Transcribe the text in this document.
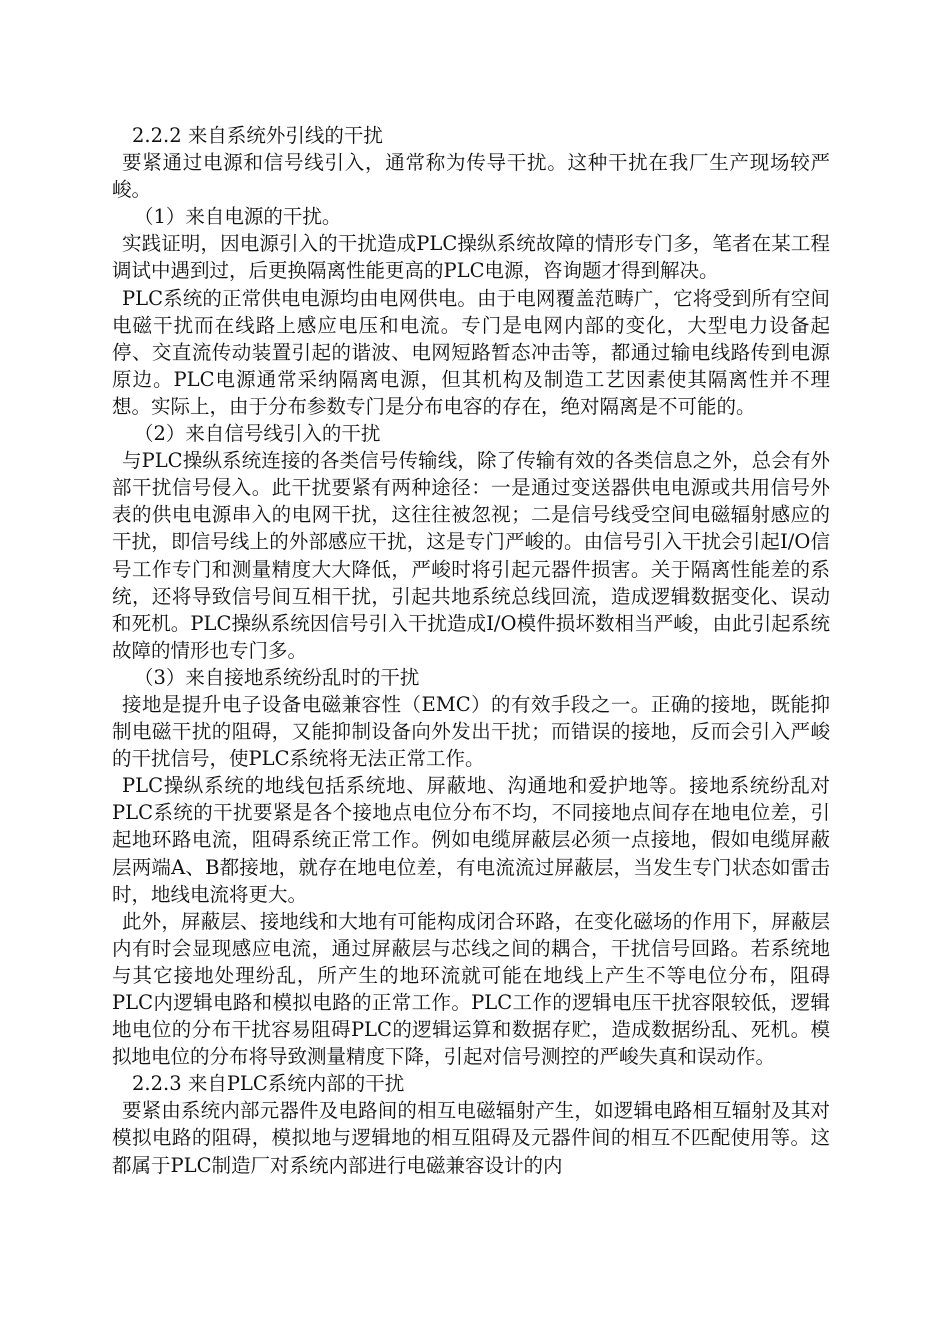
2.2.2 来自系统外引线的干扰

要紧通过电源和信号线引入，通常称为传导干扰。这种干扰在我厂生产现场较严峻。

（1）来自电源的干扰。

实践证明，因电源引入的干扰造成PLC操纵系统故障的情形专门多，笔者在某工程调试中遇到过，后更换隔离性能更高的PLC电源，咨询题才得到解决。

PLC系统的正常供电电源均由电网供电。由于电网覆盖范畴广，它将受到所有空间电磁干扰而在线路上感应电压和电流。专门是电网内部的变化，大型电力设备起停、交直流传动装置引起的谐波、电网短路暂态冲击等，都通过输电线路传到电源原边。PLC电源通常采纳隔离电源，但其机构及制造工艺因素使其隔离性并不理想。实际上，由于分布参数专门是分布电容的存在，绝对隔离是不可能的。

（2）来自信号线引入的干扰

与PLC操纵系统连接的各类信号传输线，除了传输有效的各类信息之外，总会有外部干扰信号侵入。此干扰要紧有两种途径：一是通过变送器供电电源或共用信号外表的供电电源串入的电网干扰，这往往被忽视；二是信号线受空间电磁辐射感应的干扰，即信号线上的外部感应干扰，这是专门严峻的。由信号引入干扰会引起I/O信号工作专门和测量精度大大降低，严峻时将引起元器件损害。关于隔离性能差的系统，还将导致信号间互相干扰，引起共地系统总线回流，造成逻辑数据变化、误动和死机。PLC操纵系统因信号引入干扰造成I/O模件损坏数相当严峻，由此引起系统故障的情形也专门多。

（3）来自接地系统纷乱时的干扰

接地是提升电子设备电磁兼容性（EMC）的有效手段之一。正确的接地，既能抑制电磁干扰的阻碍，又能抑制设备向外发出干扰；而错误的接地，反而会引入严峻的干扰信号，使PLC系统将无法正常工作。

PLC操纵系统的地线包括系统地、屏蔽地、沟通地和爱护地等。接地系统纷乱对PLC系统的干扰要紧是各个接地点电位分布不均，不同接地点间存在地电位差，引起地环路电流，阻碍系统正常工作。例如电缆屏蔽层必须一点接地，假如电缆屏蔽层两端A、B都接地，就存在地电位差，有电流流过屏蔽层，当发生专门状态如雷击时，地线电流将更大。

此外，屏蔽层、接地线和大地有可能构成闭合环路，在变化磁场的作用下，屏蔽层内有时会显现感应电流，通过屏蔽层与芯线之间的耦合，干扰信号回路。若系统地与其它接地处理纷乱，所产生的地环流就可能在地线上产生不等电位分布，阻碍PLC内逻辑电路和模拟电路的正常工作。PLC工作的逻辑电压干扰容限较低，逻辑地电位的分布干扰容易阻碍PLC的逻辑运算和数据存贮，造成数据纷乱、死机。模拟地电位的分布将导致测量精度下降，引起对信号测控的严峻失真和误动作。

2.2.3 来自PLC系统内部的干扰

要紧由系统内部元器件及电路间的相互电磁辐射产生，如逻辑电路相互辐射及其对模拟电路的阻碍，模拟地与逻辑地的相互阻碍及元器件间的相互不匹配使用等。这都属于PLC制造厂对系统内部进行电磁兼容设计的内
